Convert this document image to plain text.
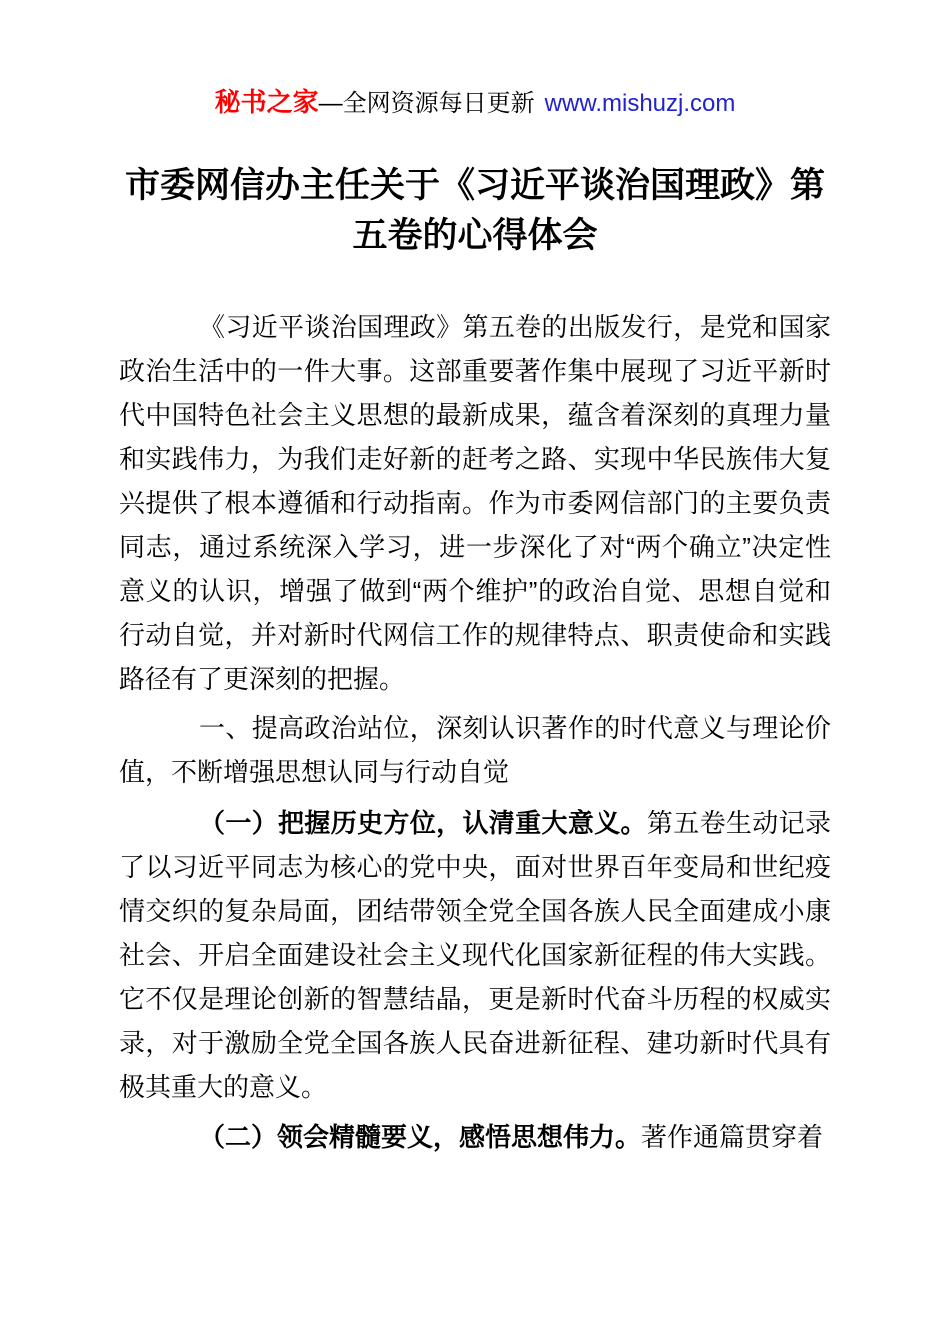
秘书之家—全网资源每日更新 www.mishuzj.com
市委网信办主任关于《习近平谈治国理政》第五卷的心得体会

《习近平谈治国理政》第五卷的出版发行，是党和国家政治生活中的一件大事。这部重要著作集中展现了习近平新时代中国特色社会主义思想的最新成果，蕴含着深刻的真理力量和实践伟力，为我们走好新的赶考之路、实现中华民族伟大复兴提供了根本遵循和行动指南。作为市委网信部门的主要负责同志，通过系统深入学习，进一步深化了对“两个确立”决定性意义的认识，增强了做到“两个维护”的政治自觉、思想自觉和行动自觉，并对新时代网信工作的规律特点、职责使命和实践路径有了更深刻的把握。

一、提高政治站位，深刻认识著作的时代意义与理论价值，不断增强思想认同与行动自觉

（一）把握历史方位，认清重大意义。第五卷生动记录了以习近平同志为核心的党中央，面对世界百年变局和世纪疫情交织的复杂局面，团结带领全党全国各族人民全面建成小康社会、开启全面建设社会主义现代化国家新征程的伟大实践。它不仅是理论创新的智慧结晶，更是新时代奋斗历程的权威实录，对于激励全党全国各族人民奋进新征程、建功新时代具有极其重大的意义。

（二）领会精髓要义，感悟思想伟力。著作通篇贯穿着
